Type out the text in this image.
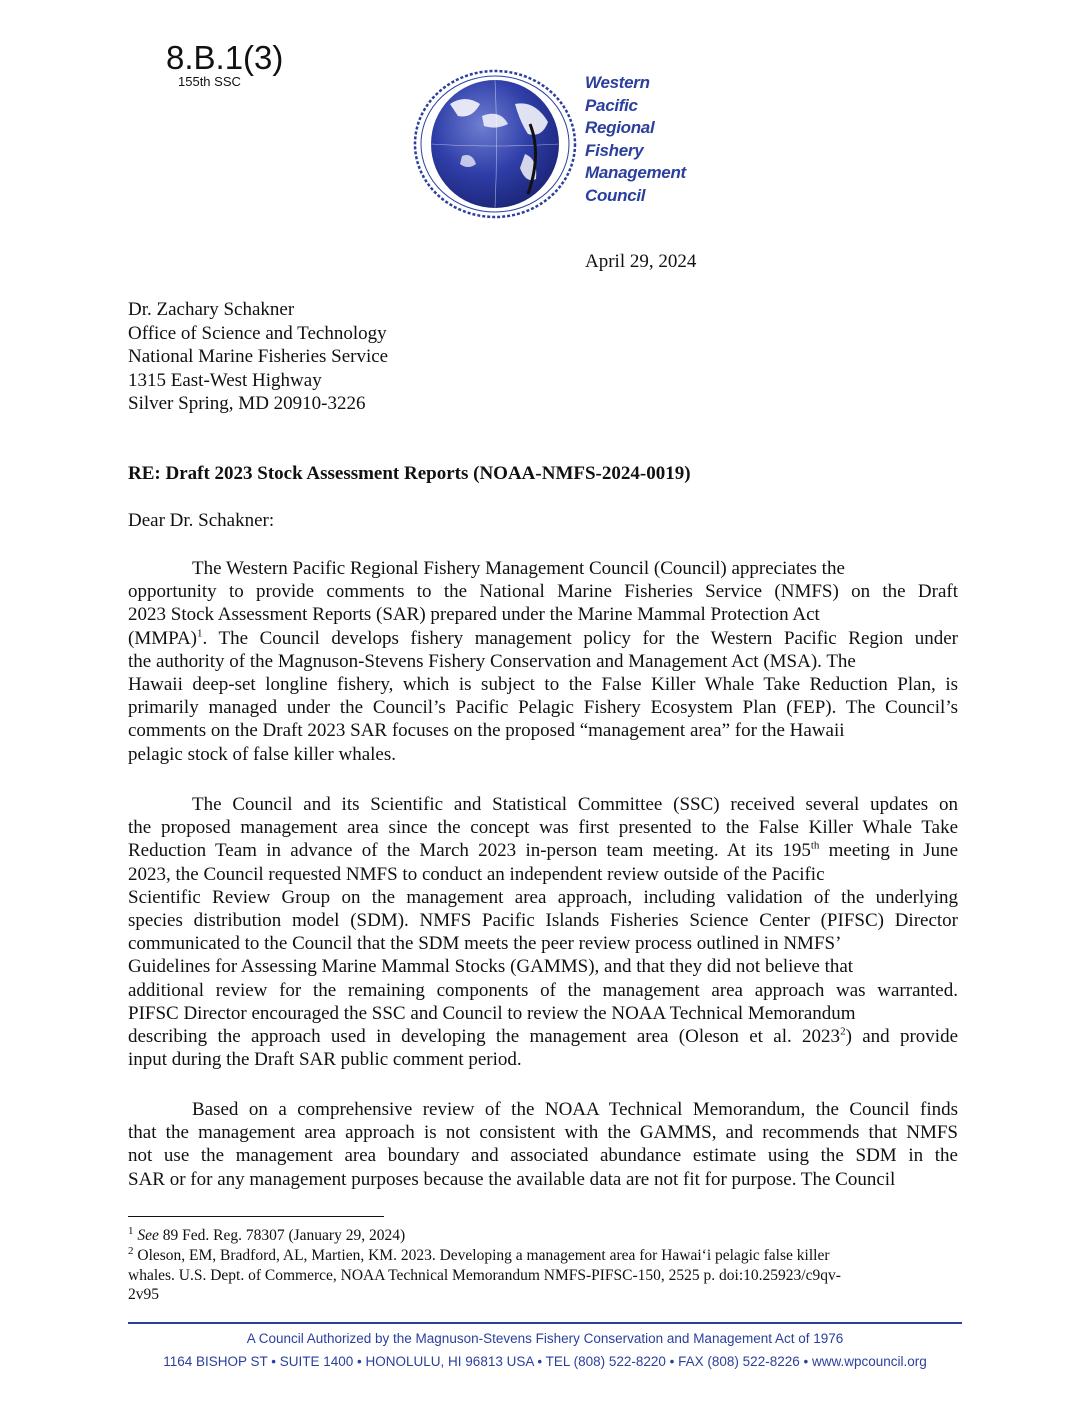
8.B.1(3)
155th SSC	Western
Pacific
Regional
Fishery
Management
Council
April 29, 2024
Dr. Zachary Schakner
Office of Science and Technology
National Marine Fisheries Service
1315 East-West Highway
Silver Spring, MD 20910-3226
RE: Draft 2023 Stock Assessment Reports (NOAA-NMFS-2024-0019)
Dear Dr. Schakner:
The Western Pacific Regional Fishery Management Council (Council) appreciates the
opportunity to provide comments to the National Marine Fisheries Service (NMFS) on the Draft
2023 Stock Assessment Reports (SAR) prepared under the Marine Mammal Protection Act
(MMPA)$^1$. The Council develops fishery management policy for the Western Pacific Region under
the authority of the Magnuson-Stevens Fishery Conservation and Management Act (MSA). The
Hawaii deep-set longline fishery, which is subject to the False Killer Whale Take Reduction Plan, is
primarily managed under the Council’s Pacific Pelagic Fishery Ecosystem Plan (FEP). The Council’s
comments on the Draft 2023 SAR focuses on the proposed “management area” for the Hawaii
pelagic stock of false killer whales.
The Council and its Scientific and Statistical Committee (SSC) received several updates on
the proposed management area since the concept was first presented to the False Killer Whale Take
Reduction Team in advance of the March 2023 in-person team meeting. At its 195th meeting in June
2023, the Council requested NMFS to conduct an independent review outside of the Pacific
Scientific Review Group on the management area approach, including validation of the underlying
species distribution model (SDM). NMFS Pacific Islands Fisheries Science Center (PIFSC) Director
communicated to the Council that the SDM meets the peer review process outlined in NMFS’
Guidelines for Assessing Marine Mammal Stocks (GAMMS), and that they did not believe that
additional review for the remaining components of the management area approach was warranted.
PIFSC Director encouraged the SSC and Council to review the NOAA Technical Memorandum
describing the approach used in developing the management area (Oleson et al. 2023$^2$) and provide
input during the Draft SAR public comment period.
Based on a comprehensive review of the NOAA Technical Memorandum, the Council finds
that the management area approach is not consistent with the GAMMS, and recommends that NMFS
not use the management area boundary and associated abundance estimate using the SDM in the
SAR or for any management purposes because the available data are not fit for purpose. The Council
$^1$ See 89 Fed. Reg. 78307 (January 29, 2024)
$^2$ Oleson, EM, Bradford, AL, Martien, KM. 2023. Developing a management area for Hawai‘i pelagic false killer
whales. U.S. Dept. of Commerce, NOAA Technical Memorandum NMFS-PIFSC-150, 2525 p. doi:10.25923/c9qv-
2v95
A Council Authorized by the Magnuson-Stevens Fishery Conservation and Management Act of 1976
1164 BISHOP ST • SUITE 1400 • HONOLULU, HI 96813 USA • TEL (808) 522-8220 • FAX (808) 522-8226 • www.wpcouncil.org
